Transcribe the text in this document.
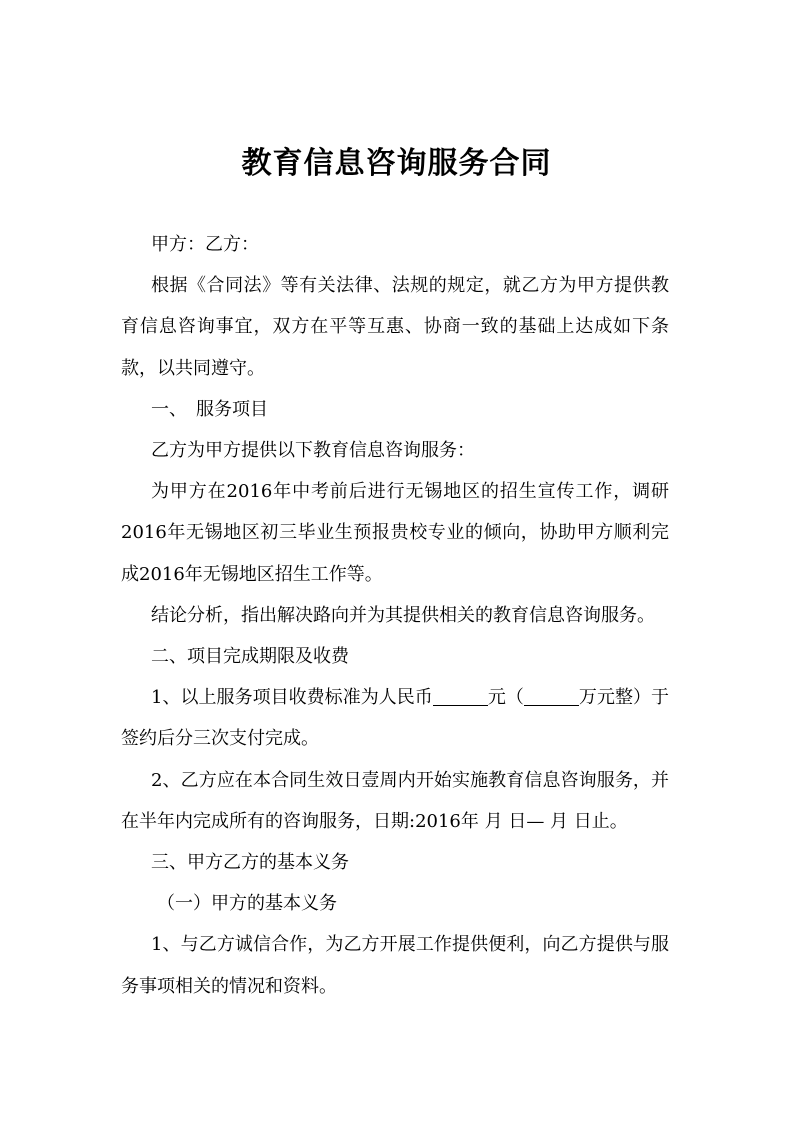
教育信息咨询服务合同

甲方：乙方：

根据《合同法》等有关法律、法规的规定，就乙方为甲方提供教育信息咨询事宜，双方在平等互惠、协商一致的基础上达成如下条款，以共同遵守。

一、　服务项目

乙方为甲方提供以下教育信息咨询服务：

为甲方在2016年中考前后进行无锡地区的招生宣传工作，调研2016年无锡地区初三毕业生预报贵校专业的倾向，协助甲方顺利完成2016年无锡地区招生工作等。

结论分析，指出解决路向并为其提供相关的教育信息咨询服务。

二、项目完成期限及收费

1、以上服务项目收费标准为人民币	元（	万元整）于签约后分三次支付完成。

2、乙方应在本合同生效日壹周内开始实施教育信息咨询服务，并在半年内完成所有的咨询服务，日期:2016年 月 日— 月 日止。

三、甲方乙方的基本义务

（一）甲方的基本义务

1、与乙方诚信合作，为乙方开展工作提供便利，向乙方提供与服务事项相关的情况和资料。
